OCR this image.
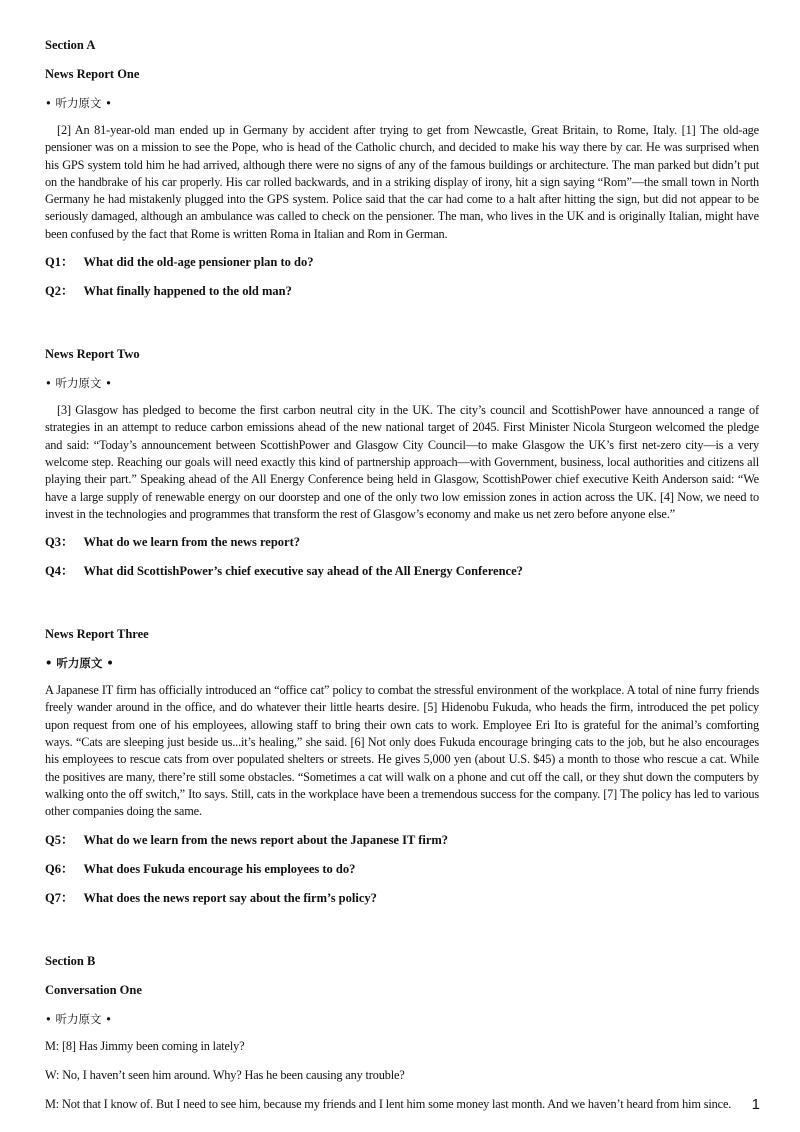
Section A
News Report One
• 听力原文 •

[2] An 81-year-old man ended up in Germany by accident after trying to get from Newcastle, Great Britain, to Rome, Italy. [1] The old-age pensioner was on a mission to see the Pope, who is head of the Catholic church, and decided to make his way there by car. He was surprised when his GPS system told him he had arrived, although there were no signs of any of the famous buildings or architecture. The man parked but didn’t put on the handbrake of his car properly. His car rolled backwards, and in a striking display of irony, hit a sign saying “Rom”—the small town in North Germany he had mistakenly plugged into the GPS system. Police said that the car had come to a halt after hitting the sign, but did not appear to be seriously damaged, although an ambulance was called to check on the pensioner. The man, who lives in the UK and is originally Italian, might have been confused by the fact that Rome is written Roma in Italian and Rom in German.

Q1： What did the old-age pensioner plan to do?
Q2： What finally happened to the old man?
News Report Two
• 听力原文 •

[3] Glasgow has pledged to become the first carbon neutral city in the UK. The city’s council and ScottishPower have announced a range of strategies in an attempt to reduce carbon emissions ahead of the new national target of 2045. First Minister Nicola Sturgeon welcomed the pledge and said: “Today’s announcement between ScottishPower and Glasgow City Council—to make Glasgow the UK’s first net-zero city—is a very welcome step. Reaching our goals will need exactly this kind of partnership approach—with Government, business, local authorities and citizens all playing their part.” Speaking ahead of the All Energy Conference being held in Glasgow, ScottishPower chief executive Keith Anderson said: “We have a large supply of renewable energy on our doorstep and one of the only two low emission zones in action across the UK. [4] Now, we need to invest in the technologies and programmes that transform the rest of Glasgow’s economy and make us net zero before anyone else.”

Q3： What do we learn from the news report?
Q4： What did ScottishPower’s chief executive say ahead of the All Energy Conference?
News Report Three
• 听力原文 •

A Japanese IT firm has officially introduced an “office cat” policy to combat the stressful environment of the workplace. A total of nine furry friends freely wander around in the office, and do whatever their little hearts desire. [5] Hidenobu Fukuda, who heads the firm, introduced the pet policy upon request from one of his employees, allowing staff to bring their own cats to work. Employee Eri Ito is grateful for the animal’s comforting ways. “Cats are sleeping just beside us...it’s healing,” she said. [6] Not only does Fukuda encourage bringing cats to the job, but he also encourages his employees to rescue cats from over populated shelters or streets. He gives 5,000 yen (about U.S. $45) a month to those who rescue a cat. While the positives are many, there’re still some obstacles. “Sometimes a cat will walk on a phone and cut off the call, or they shut down the computers by walking onto the off switch,” Ito says. Still, cats in the workplace have been a tremendous success for the company. [7] The policy has led to various other companies doing the same.

Q5： What do we learn from the news report about the Japanese IT firm?
Q6： What does Fukuda encourage his employees to do?
Q7： What does the news report say about the firm’s policy?
Section B
Conversation One
• 听力原文 •
M: [8] Has Jimmy been coming in lately?
W: No, I haven’t seen him around. Why? Has he been causing any trouble?
M: Not that I know of. But I need to see him, because my friends and I lent him some money last month. And we haven’t heard from him since.	1
